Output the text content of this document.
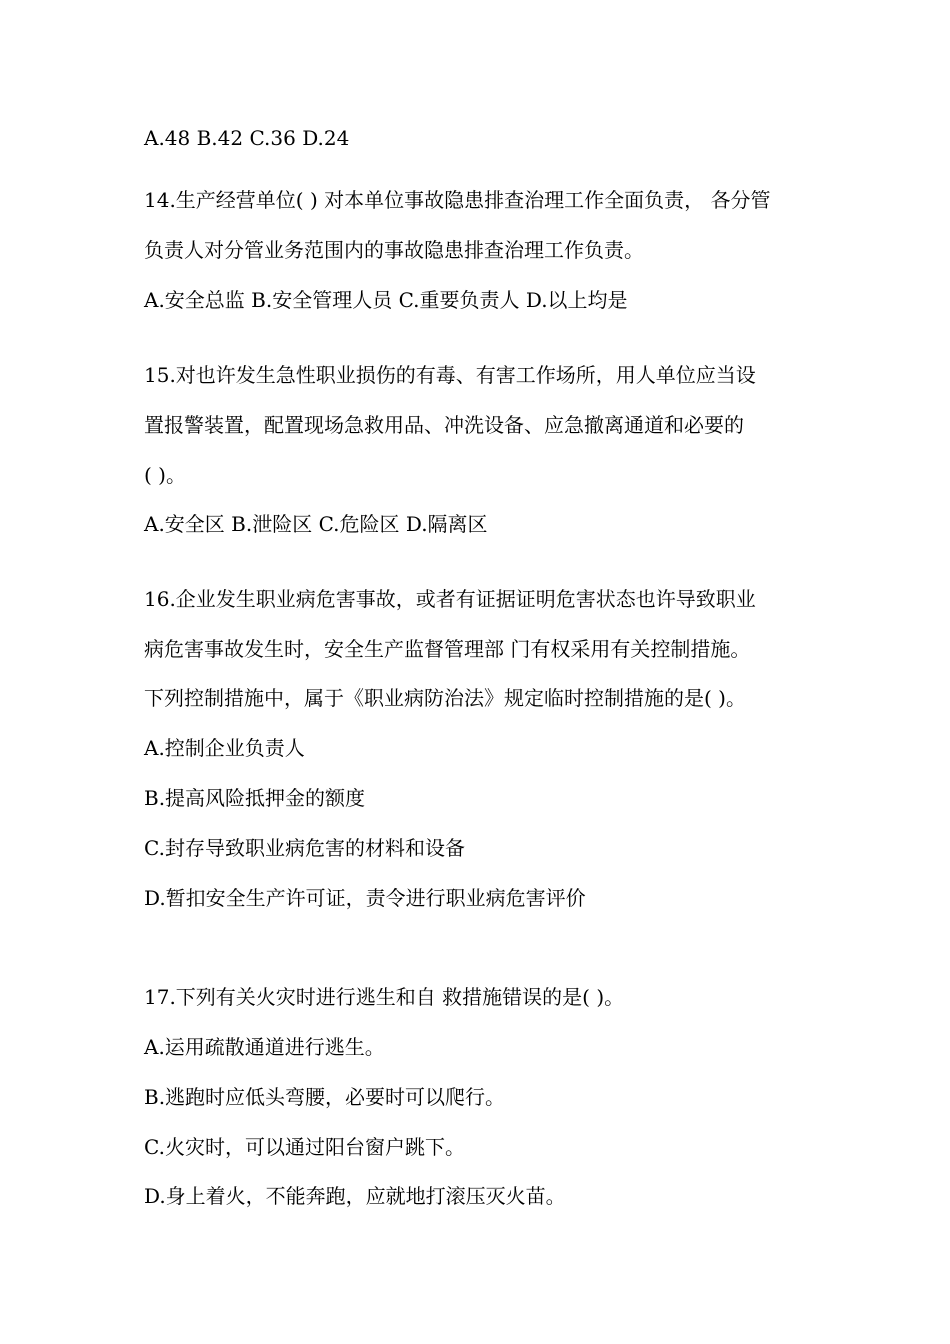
A.48 B.42 C.36 D.24
14.生产经营单位( ) 对本单位事故隐患排查治理工作全面负责， 各分管
负责人对分管业务范围内的事故隐患排查治理工作负责。
A.安全总监 B.安全管理人员 C.重要负责人 D.以上均是
15.对也许发生急性职业损伤的有毒、有害工作场所，用人单位应当设
置报警装置，配置现场急救用品、冲洗设备、应急撤离通道和必要的
( )。
A.安全区 B.泄险区 C.危险区 D.隔离区
16.企业发生职业病危害事故，或者有证据证明危害状态也许导致职业
病危害事故发生时，安全生产监督管理部 门有权采用有关控制措施。
下列控制措施中，属于《职业病防治法》规定临时控制措施的是( )。
A.控制企业负责人
B.提高风险抵押金的额度
C.封存导致职业病危害的材料和设备
D.暂扣安全生产许可证，责令进行职业病危害评价
17.下列有关火灾时进行逃生和自 救措施错误的是( )。
A.运用疏散通道进行逃生。
B.逃跑时应低头弯腰，必要时可以爬行。
C.火灾时，可以通过阳台窗户跳下。
D.身上着火，不能奔跑，应就地打滚压灭火苗。
